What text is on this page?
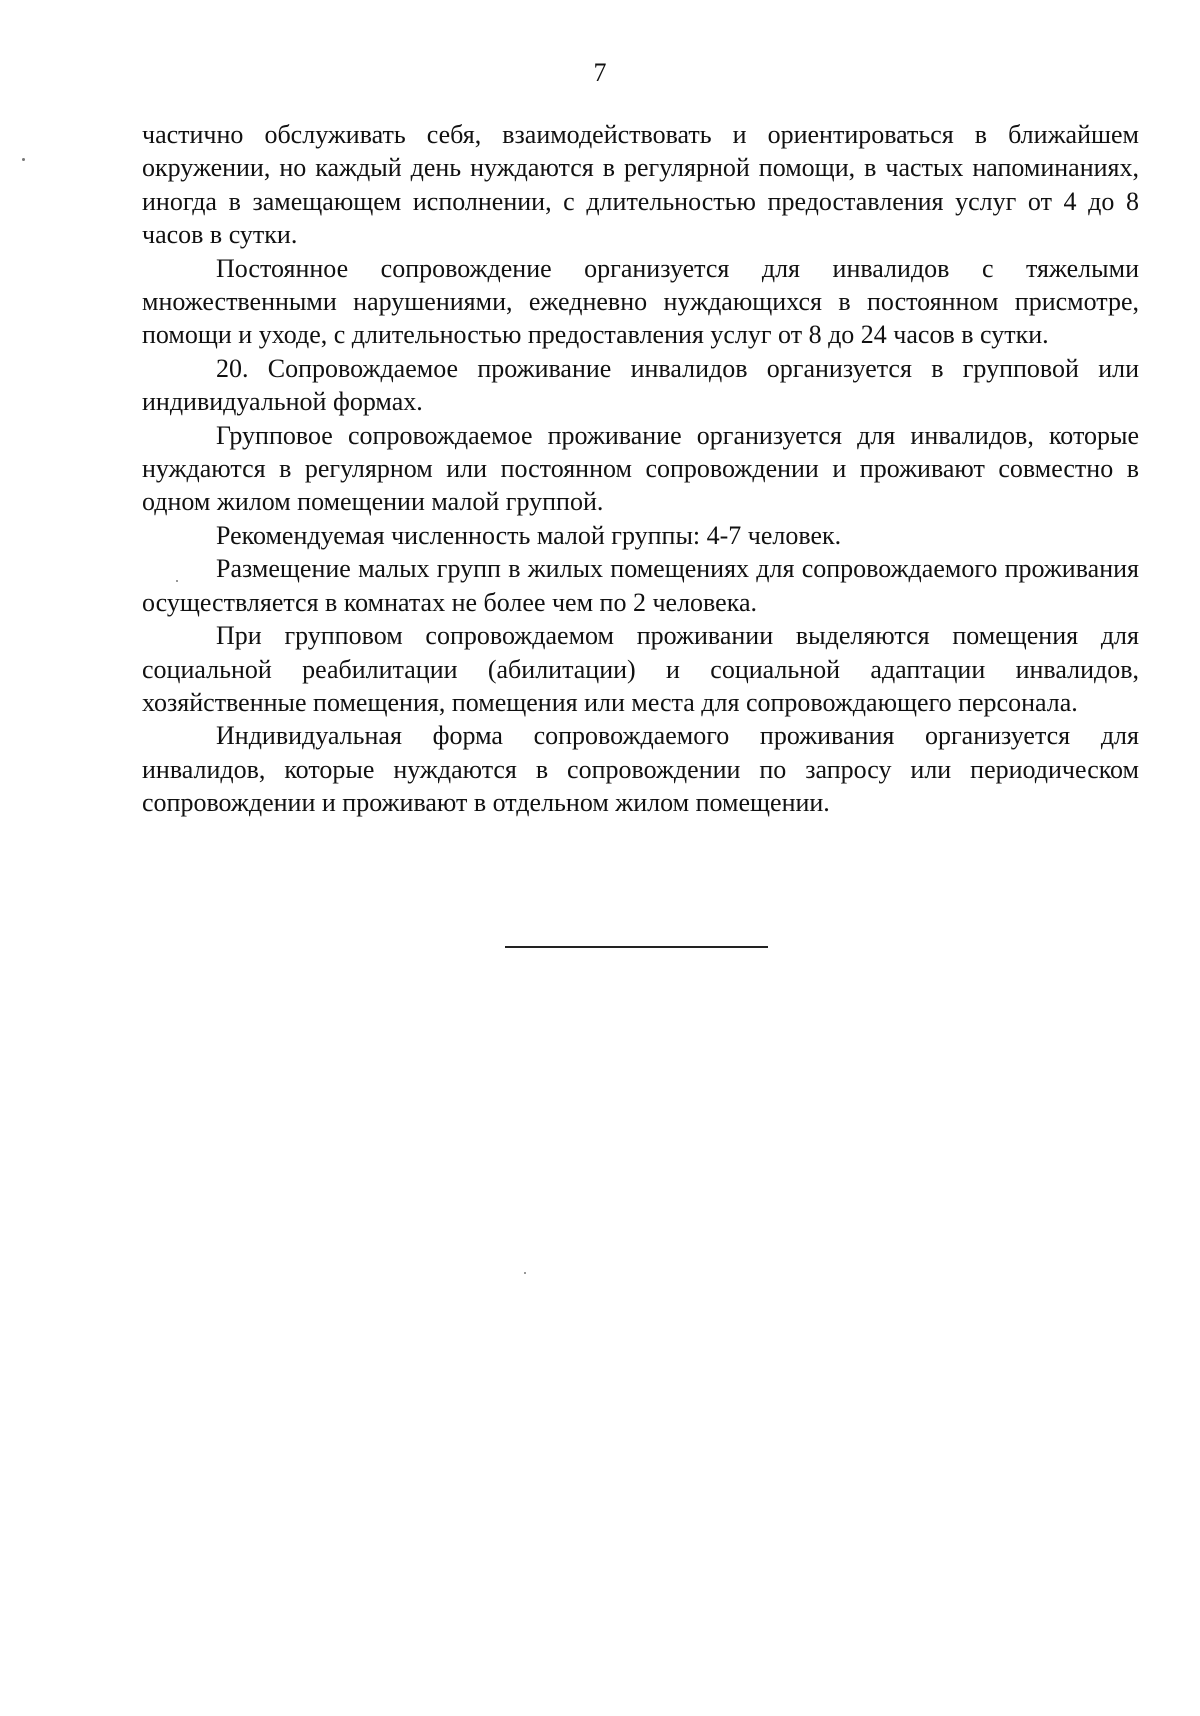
7

частично обслуживать себя, взаимодействовать и ориентироваться в ближайшем окружении, но каждый день нуждаются в регулярной помощи, в частых напоминаниях, иногда в замещающем исполнении, с длительностью предоставления услуг от 4 до 8 часов в сутки.

Постоянное сопровождение организуется для инвалидов с тяжелыми множественными нарушениями, ежедневно нуждающихся в постоянном присмотре, помощи и уходе, с длительностью предоставления услуг от 8 до 24 часов в сутки.

20. Сопровождаемое проживание инвалидов организуется в групповой или индивидуальной формах.

Групповое сопровождаемое проживание организуется для инвалидов, которые нуждаются в регулярном или постоянном сопровождении и проживают совместно в одном жилом помещении малой группой.

Рекомендуемая численность малой группы: 4-7 человек.

Размещение малых групп в жилых помещениях для сопровождаемого проживания осуществляется в комнатах не более чем по 2 человека.

При групповом сопровождаемом проживании выделяются помещения для социальной реабилитации (абилитации) и социальной адаптации инвалидов, хозяйственные помещения, помещения или места для сопровождающего персонала.

Индивидуальная форма сопровождаемого проживания организуется для инвалидов, которые нуждаются в сопровождении по запросу или периодическом сопровождении и проживают в отдельном жилом помещении.
